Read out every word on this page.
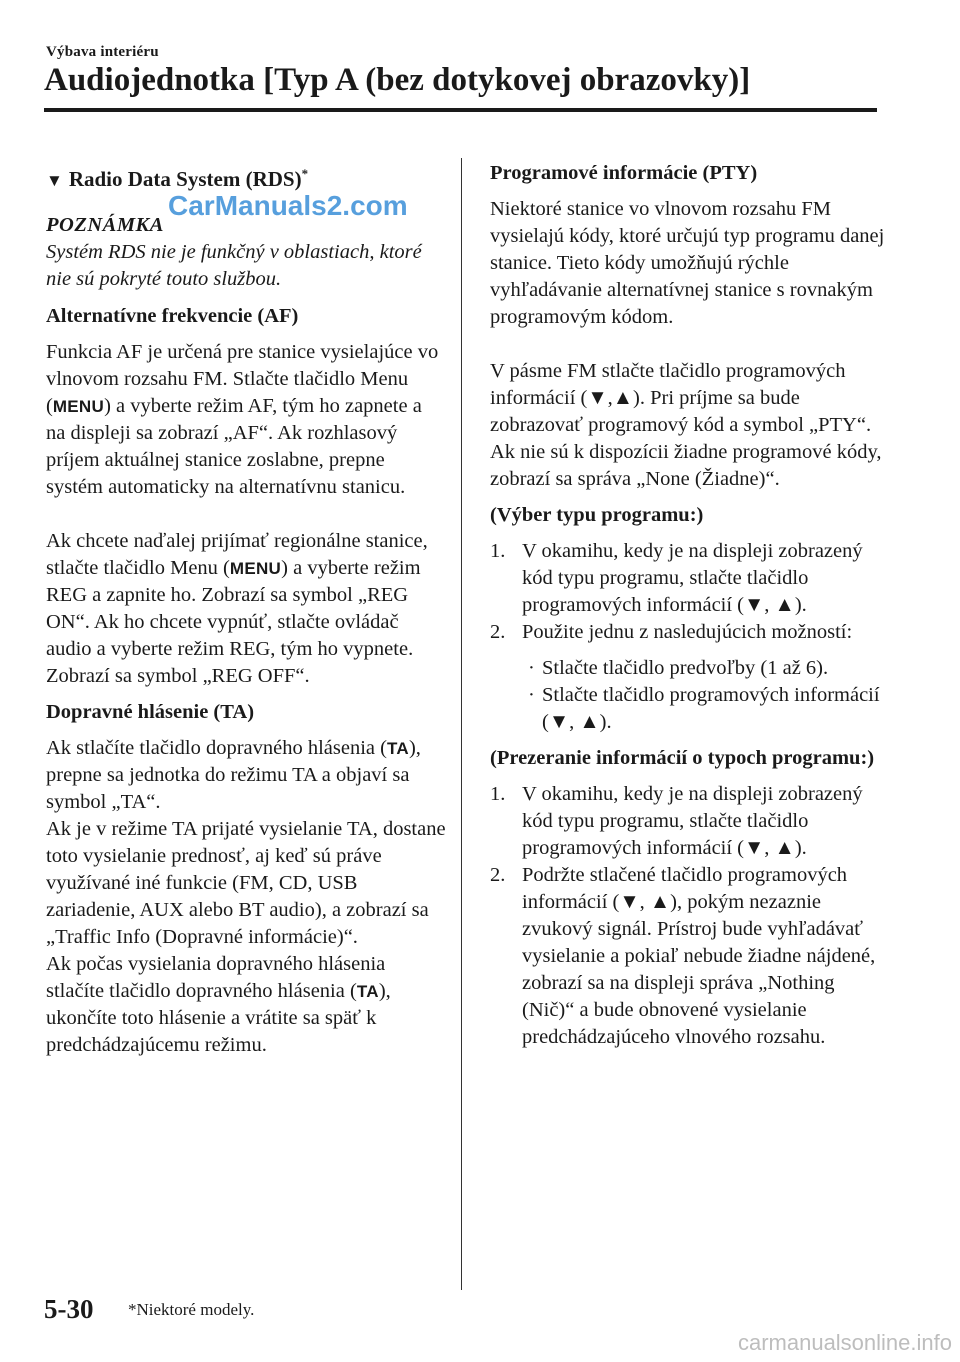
Výbava interiéru
Audiojednotka [Typ A (bez dotykovej obrazovky)]
CarManuals2.com
▼ Radio Data System (RDS)*
POZNÁMKA
Systém RDS nie je funkčný v oblastiach, ktoré nie sú pokryté touto službou.
Alternatívne frekvencie (AF)

Funkcia AF je určená pre stanice vysielajúce vo vlnovom rozsahu FM. Stlačte tlačidlo Menu (MENU) a vyberte režim AF, tým ho zapnete a na displeji sa zobrazí „AF“. Ak rozhlasový príjem aktuálnej stanice zoslabne, prepne systém automaticky na alternatívnu stanicu.

Ak chcete naďalej prijímať regionálne stanice, stlačte tlačidlo Menu (MENU) a vyberte režim REG a zapnite ho. Zobrazí sa symbol „REG ON“. Ak ho chcete vypnúť, stlačte ovládač audio a vyberte režim REG, tým ho vypnete. Zobrazí sa symbol „REG OFF“.

Dopravné hlásenie (TA)

Ak stlačíte tlačidlo dopravného hlásenia (TA), prepne sa jednotka do režimu TA a objaví sa symbol „TA“.

Ak je v režime TA prijaté vysielanie TA, dostane toto vysielanie prednosť, aj keď sú práve využívané iné funkcie (FM, CD, USB zariadenie, AUX alebo BT audio), a zobrazí sa „Traffic Info (Dopravné informácie)“.

Ak počas vysielania dopravného hlásenia stlačíte tlačidlo dopravného hlásenia (TA), ukončíte toto hlásenie a vrátite sa späť k predchádzajúcemu režimu.

Programové informácie (PTY)

Niektoré stanice vo vlnovom rozsahu FM vysielajú kódy, ktoré určujú typ programu danej stanice. Tieto kódy umožňujú rýchle vyhľadávanie alternatívnej stanice s rovnakým programovým kódom.

V pásme FM stlačte tlačidlo programových informácií (▼,▲). Pri príjme sa bude zobrazovať programový kód a symbol „PTY“. Ak nie sú k dispozícii žiadne programové kódy, zobrazí sa správa „None (Žiadne)“.

(Výber typu programu:)
1. V okamihu, kedy je na displeji zobrazený kód typu programu, stlačte tlačidlo programových informácií (▼, ▲).
2. Použite jednu z nasledujúcich možností:
· Stlačte tlačidlo predvoľby (1 až 6).
· Stlačte tlačidlo programových informácií (▼, ▲).
(Prezeranie informácií o typoch programu:)
1. V okamihu, kedy je na displeji zobrazený kód typu programu, stlačte tlačidlo programových informácií (▼, ▲).
2. Podržte stlačené tlačidlo programových informácií (▼, ▲), pokým nezaznie zvukový signál. Prístroj bude vyhľadávať vysielanie a pokiaľ nebude žiadne nájdené, zobrazí sa na displeji správa „Nothing (Nič)“ a bude obnovené vysielanie predchádzajúceho vlnového rozsahu.
5-30 *Niektoré modely.
carmanualsonline.info
